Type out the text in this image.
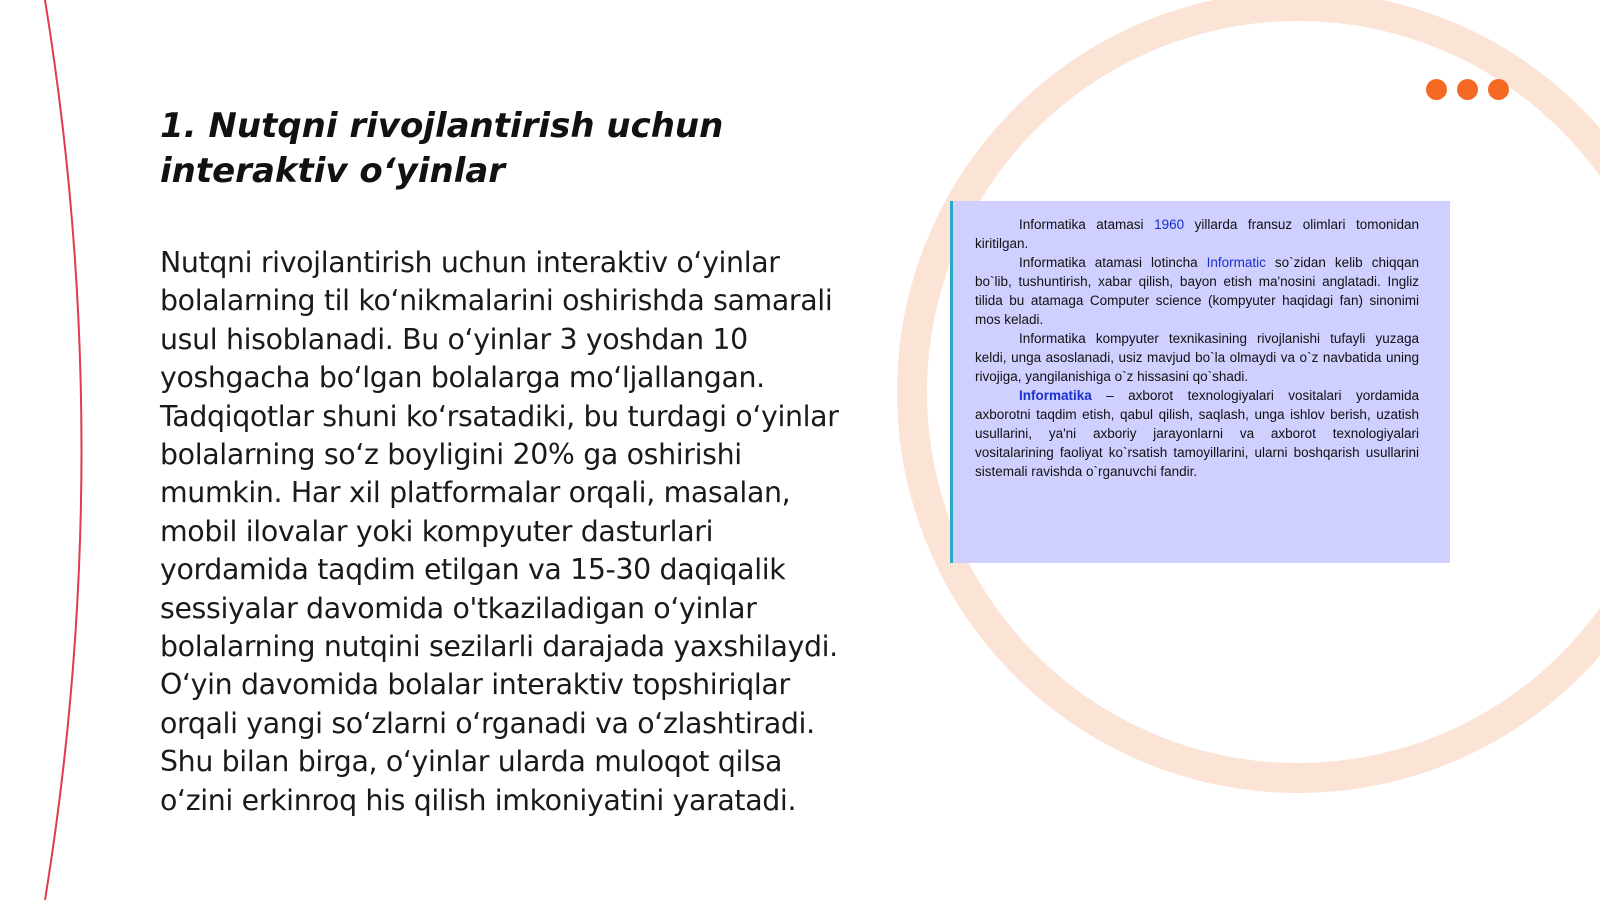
1. Nutqni rivojlantirish uchun interaktiv o‘yinlar

Nutqni rivojlantirish uchun interaktiv o‘yinlar bolalarning til ko‘nikmalarini oshirishda samarali usul hisoblanadi. Bu o‘yinlar 3 yoshdan 10 yoshgacha bo‘lgan bolalarga mo‘ljallangan. Tadqiqotlar shuni ko‘rsatadiki, bu turdagi o‘yinlar bolalarning so‘z boyligini 20% ga oshirishi mumkin. Har xil platformalar orqali, masalan, mobil ilovalar yoki kompyuter dasturlari yordamida taqdim etilgan va 15-30 daqiqalik sessiyalar davomida o'tkaziladigan o‘yinlar bolalarning nutqini sezilarli darajada yaxshilaydi. O‘yin davomida bolalar interaktiv topshiriqlar orqali yangi so‘zlarni o‘rganadi va o‘zlashtiradi. Shu bilan birga, o‘yinlar ularda muloqot qilsa o‘zini erkinroq his qilish imkoniyatini yaratadi.

Informatika atamasi 1960 yillarda fransuz olimlari tomonidan kiritilgan.

Informatika atamasi lotincha Informatic so`zidan kelib chiqqan bo`lib, tushuntirish, xabar qilish, bayon etish ma'nosini anglatadi. Ingliz tilida bu atamaga Computer science (kompyuter haqidagi fan) sinonimi mos keladi.

Informatika kompyuter texnikasining rivojlanishi tufayli yuzaga keldi, unga asoslanadi, usiz mavjud bo`la olmaydi va o`z navbatida uning rivojiga, yangilanishiga o`z hissasini qo`shadi.

Informatika – axborot texnologiyalari vositalari yordamida axborotni taqdim etish, qabul qilish, saqlash, unga ishlov berish, uzatish usullarini, ya'ni axboriy jarayonlarni va axborot texnologiyalari vositalarining faoliyat ko`rsatish tamoyillarini, ularni boshqarish usullarini sistemali ravishda o`rganuvchi fandir.
